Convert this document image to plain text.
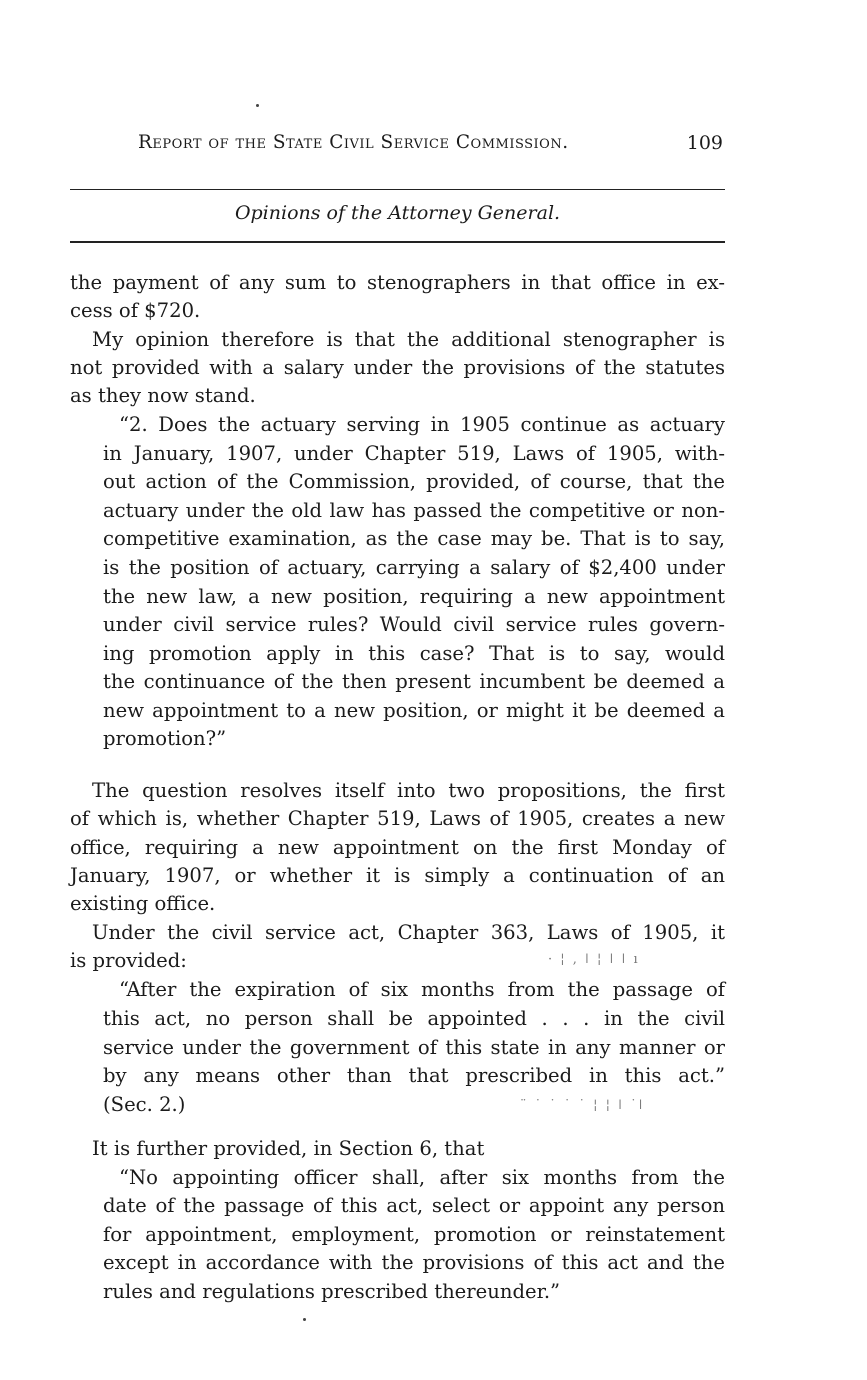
Report of the State Civil Service Commission.	109
Opinions of the Attorney General.
the payment of any sum to stenographers in that office in ex-
cess of $720.
My opinion therefore is that the additional stenographer is
not provided with a salary under the provisions of the statutes
as they now stand.
“2. Does the actuary serving in 1905 continue as actuary
in January, 1907, under Chapter 519, Laws of 1905, with-
out action of the Commission, provided, of course, that the
actuary under the old law has passed the competitive or non-
competitive examination, as the case may be. That is to say,
is the position of actuary, carrying a salary of $2,400 under
the new law, a new position, requiring a new appointment
under civil service rules? Would civil service rules govern-
ing promotion apply in this case? That is to say, would
the continuance of the then present incumbent be deemed a
new appointment to a new position, or might it be deemed a
promotion?”
The question resolves itself into two propositions, the first
of which is, whether Chapter 519, Laws of 1905, creates a new
office, requiring a new appointment on the first Monday of
January, 1907, or whether it is simply a continuation of an
existing office.
Under the civil service act, Chapter 363, Laws of 1905, it
is provided:	· ¦ , ǀ ¦ ǀ ǀ ı
“After the expiration of six months from the passage of
this act, no person shall be appointed . . . in the civil
service under the government of this state in any manner or
by any means other than that prescribed in this act.”
(Sec. 2.)	¨ ˙ ˙ ˙ ˙ ¦ ¦ ǀ ˙ǀ
It is further provided, in Section 6, that
“No appointing officer shall, after six months from the
date of the passage of this act, select or appoint any person
for appointment, employment, promotion or reinstatement
except in accordance with the provisions of this act and the
rules and regulations prescribed thereunder.”
